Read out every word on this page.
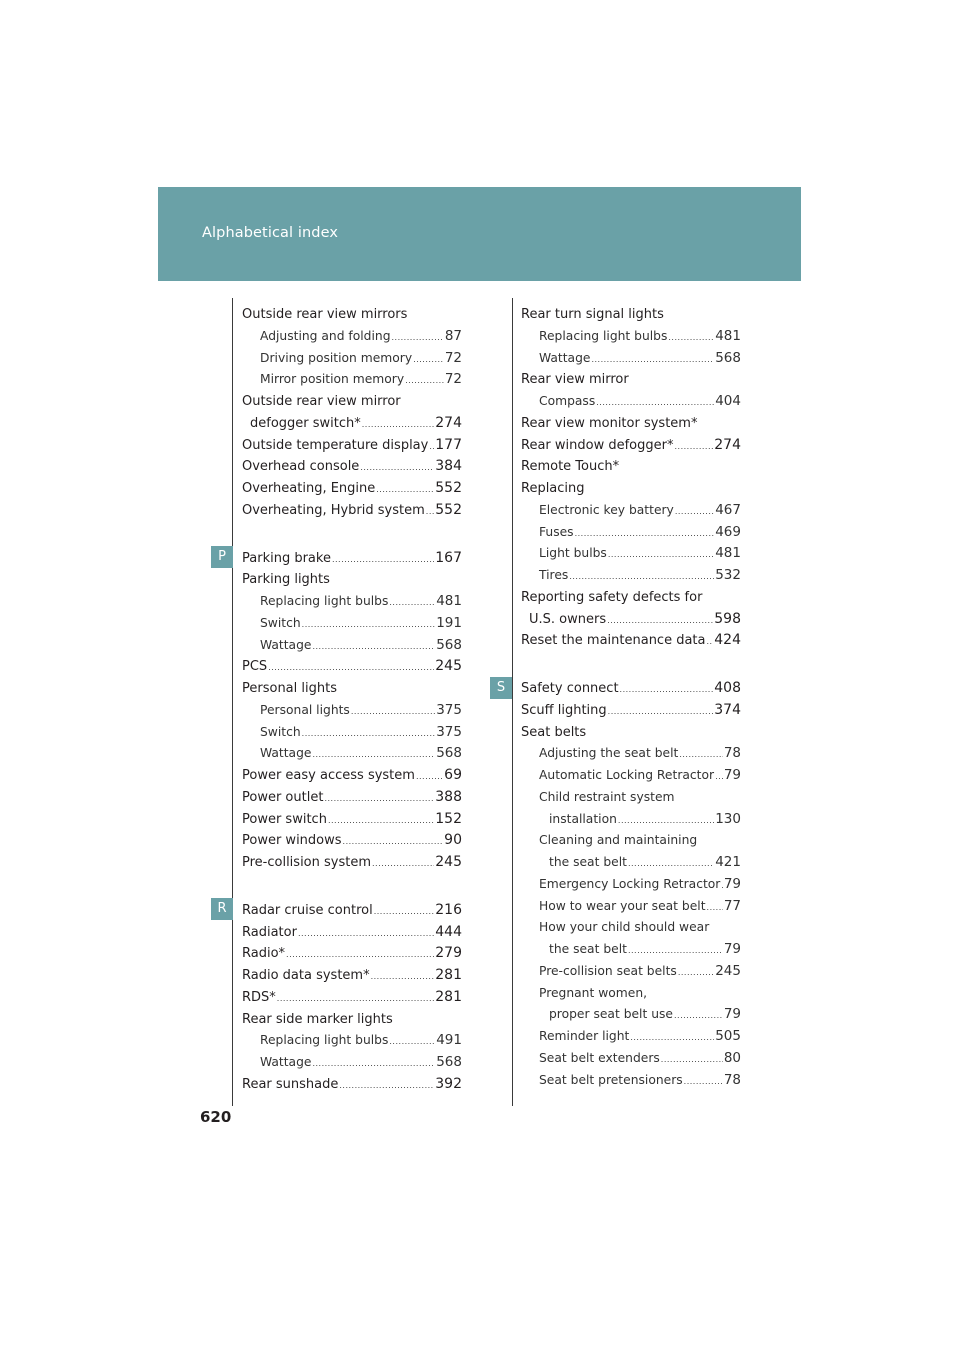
Alphabetical index
P
R
S
Outside rear view mirrors
Adjusting and folding .....	87
Driving position memory ..... 72
Mirror position memory .....	72
Outside rear view mirror
defogger switch* .....	274
Outside temperature display ..... 177
Overhead console .....	384
Overheating, Engine .....	552
Overheating, Hybrid system ..... 552
Parking brake .....	167
Parking lights
Replacing light bulbs .....	481
Switch .....	191
Wattage .....	568
PCS .....	245
Personal lights
Personal lights .....	375
Switch .....	375
Wattage .....	568
Power easy access system ..... 69
Power outlet .....	388
Power switch .....	152
Power windows .....	90
Pre-collision system .....	245
Radar cruise control .....	216
Radiator .....	444
Radio* .....	279
Radio data system* .....	281
RDS* .....	281
Rear side marker lights
Replacing light bulbs .....	491
Wattage .....	568
Rear sunshade .....	392
Rear turn signal lights
Replacing light bulbs .....	481
Wattage .....	568
Rear view mirror
Compass .....	404
Rear view monitor system*
Rear window defogger* .....	274
Remote Touch*
Replacing
Electronic key battery .....	467
Fuses .....	469
Light bulbs .....	481
Tires .....	532
Reporting safety defects for
U.S. owners .....	598
Reset the maintenance data ..... 424
Safety connect .....	408
Scuff lighting .....	374
Seat belts
Adjusting the seat belt .....	78
Automatic Locking Retractor ..... 79
Child restraint system
installation .....	130
Cleaning and maintaining
the seat belt .....	421
Emergency Locking Retractor ..... 79
How to wear your seat belt ..... 77
How your child should wear
the seat belt .....	79
Pre-collision seat belts .....	245
Pregnant women,
proper seat belt use .....	79
Reminder light .....	505
Seat belt extenders .....	80
Seat belt pretensioners .....	78
620
